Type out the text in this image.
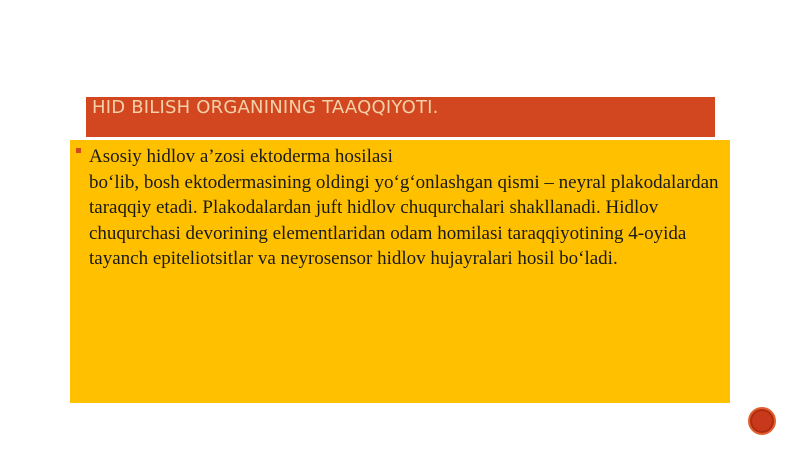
HID BILISH ORGANINING TAAQQIYOTI.
Asosiy hidlov a’zosi ektoderma hosilasi
bo‘lib, bosh ektodermasining oldingi yo‘g‘onlashgan qismi – neyral plakodalardan taraqqiy etadi. Plakodalardan juft hidlov chuqurchalari shakllanadi. Hidlov chuqurchasi devorining elementlaridan odam homilasi taraqqiyotining 4-oyida tayanch epiteliotsitlar va neyrosensor hidlov hujayralari hosil bo‘ladi.
